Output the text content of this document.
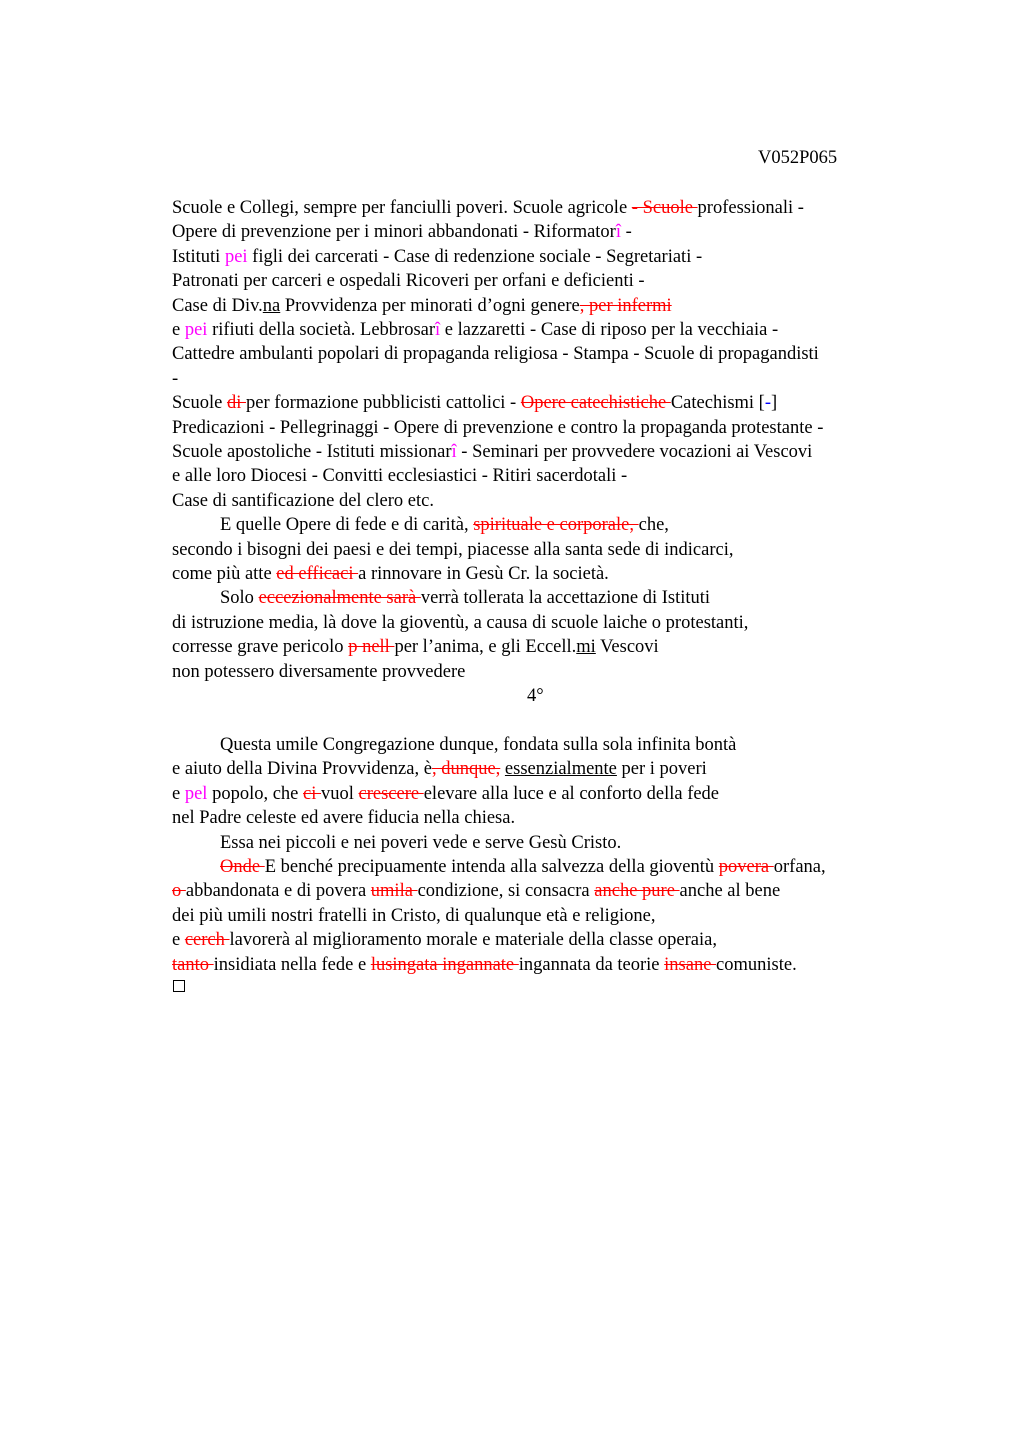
V052P065
Scuole e Collegi, sempre per fanciulli poveri. Scuole agricole - Scuole professionali -
Opere di prevenzione per i minori abbandonati - Riformatorî -
Istituti pei figli dei carcerati - Case di redenzione sociale - Segretariati -
Patronati per carceri e ospedali Ricoveri per orfani e deficienti -
Case di Div.na Provvidenza per minorati d’ogni genere, per infermi
e pei rifiuti della società. Lebbrosarî e lazzaretti - Case di riposo per la vecchiaia -
Cattedre ambulanti popolari di propaganda religiosa - Stampa - Scuole di propagandisti
-
Scuole di per formazione pubblicisti cattolici - Opere catechistiche Catechismi [-]
Predicazioni - Pellegrinaggi - Opere di prevenzione e contro la propaganda protestante -
Scuole apostoliche - Istituti missionarî - Seminari per provvedere vocazioni ai Vescovi
e alle loro Diocesi - Convitti ecclesiastici - Ritiri sacerdotali -
Case di santificazione del clero etc.
E quelle Opere di fede e di carità, spirituale e corporale, che,
secondo i bisogni dei paesi e dei tempi, piacesse alla santa sede di indicarci,
come più atte ed efficaci a rinnovare in Gesù Cr. la società.
Solo eccezionalmente sarà verrà tollerata la accettazione di Istituti
di istruzione media, là dove la gioventù, a causa di scuole laiche o protestanti,
corresse grave pericolo p nell per l’anima, e gli Eccell.mi Vescovi
non potessero diversamente provvedere
4°
Questa umile Congregazione dunque, fondata sulla sola infinita bontà
e aiuto della Divina Provvidenza, è, dunque, essenzialmente per i poveri
e pel popolo, che ci vuol crescere elevare alla luce e al conforto della fede
nel Padre celeste ed avere fiducia nella chiesa.
Essa nei piccoli e nei poveri vede e serve Gesù Cristo.
Onde E benché precipuamente intenda alla salvezza della gioventù povera orfana,
o abbandonata e di povera umila condizione, si consacra anche pure anche al bene
dei più umili nostri fratelli in Cristo, di qualunque età e religione,
e cerch lavorerà al miglioramento morale e materiale della classe operaia,
tanto insidiata nella fede e lusingata ingannate ingannata da teorie insane comuniste.
